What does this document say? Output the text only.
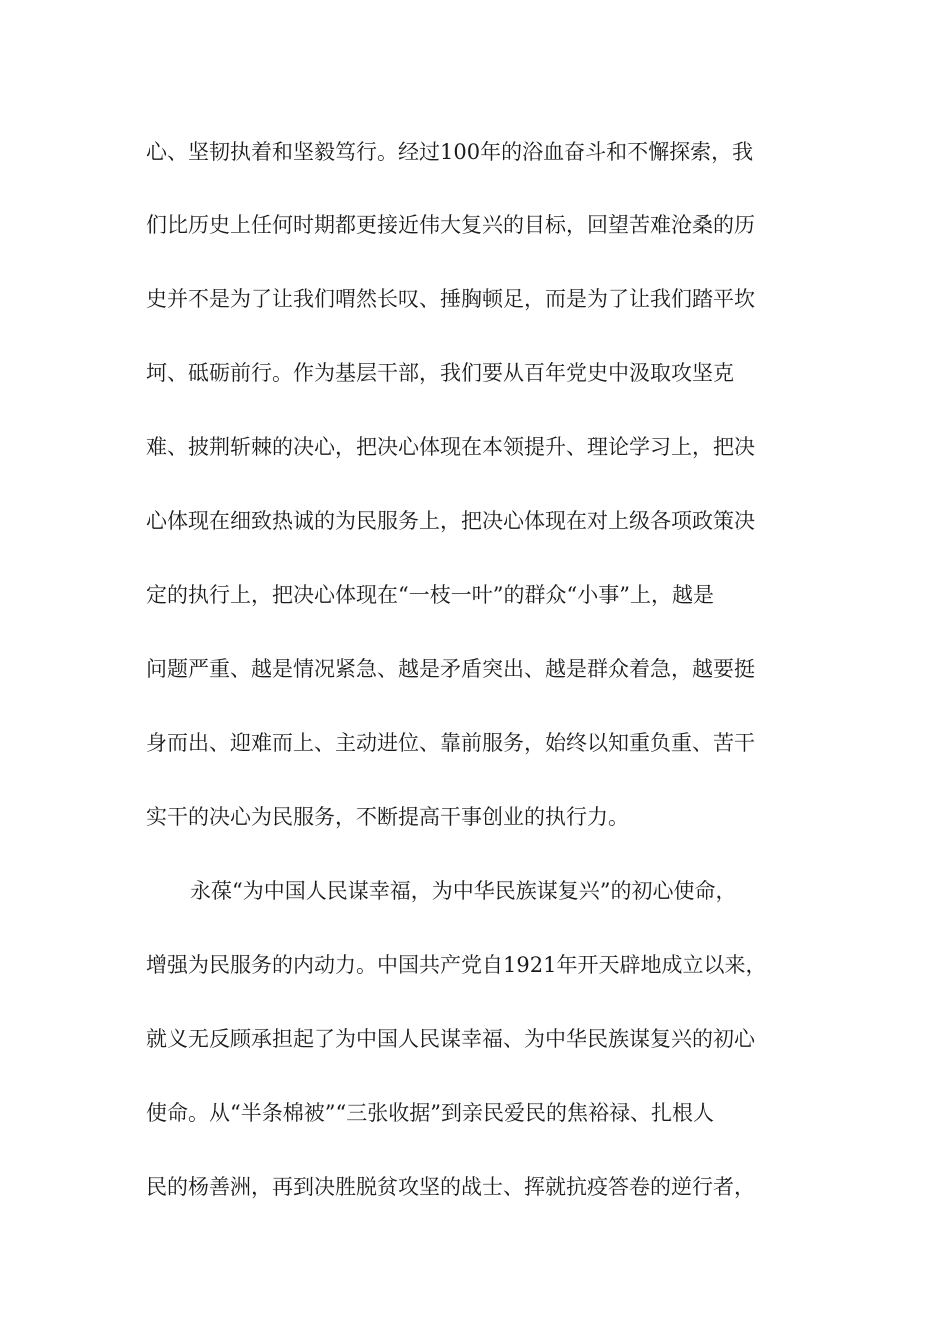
心、坚韧执着和坚毅笃行。经过100年的浴血奋斗和不懈探索，我
们比历史上任何时期都更接近伟大复兴的目标，回望苦难沧桑的历
史并不是为了让我们喟然长叹、捶胸顿足，而是为了让我们踏平坎
坷、砥砺前行。作为基层干部，我们要从百年党史中汲取攻坚克
难、披荆斩棘的决心，把决心体现在本领提升、理论学习上，把决
心体现在细致热诚的为民服务上，把决心体现在对上级各项政策决
定的执行上，把决心体现在“一枝一叶”的群众“小事”上，越是
问题严重、越是情况紧急、越是矛盾突出、越是群众着急，越要挺
身而出、迎难而上、主动进位、靠前服务，始终以知重负重、苦干
实干的决心为民服务，不断提高干事创业的执行力。
永葆“为中国人民谋幸福，为中华民族谋复兴”的初心使命，
增强为民服务的内动力。中国共产党自1921年开天辟地成立以来，
就义无反顾承担起了为中国人民谋幸福、为中华民族谋复兴的初心
使命。从“半条棉被”“三张收据”到亲民爱民的焦裕禄、扎根人
民的杨善洲，再到决胜脱贫攻坚的战士、挥就抗疫答卷的逆行者，
